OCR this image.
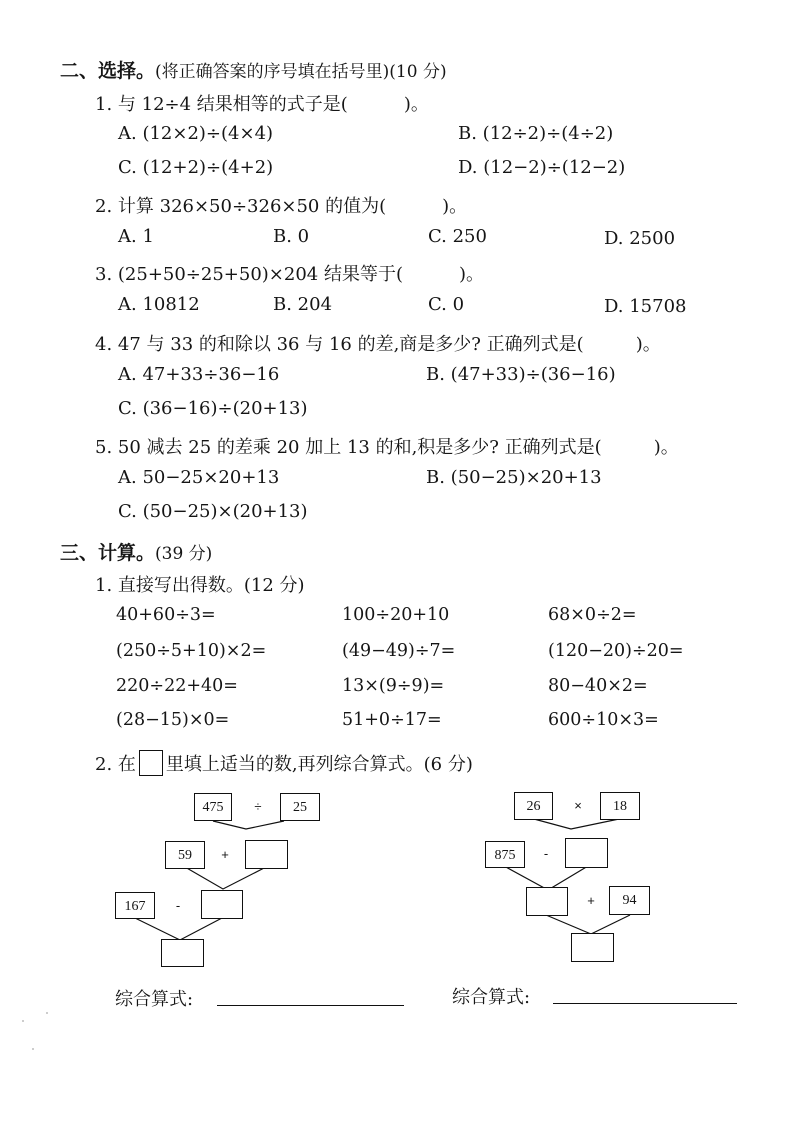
二、选择。(将正确答案的序号填在括号里)(10 分)
1. 与 12÷4 结果相等的式子是(	)。
A. (12×2)÷(4×4)	B. (12÷2)÷(4÷2)
C. (12+2)÷(4+2)	D. (12−2)÷(12−2)
2. 计算 326×50÷326×50 的值为(	)。
A. 1	B. 0	C. 250	D. 2500
3. (25+50÷25+50)×204 结果等于(	)。
A. 10812	B. 204	C. 0	D. 15708
4. 47 与 33 的和除以 36 与 16 的差,商是多少? 正确列式是(	)。
A. 47+33÷36−16	B. (47+33)÷(36−16)
C. (36−16)÷(20+13)
5. 50 减去 25 的差乘 20 加上 13 的和,积是多少? 正确列式是(	)。
A. 50−25×20+13	B. (50−25)×20+13
C. (50−25)×(20+13)
三、计算。(39 分)
1. 直接写出得数。(12 分)
40+60÷3=	100÷20+10	68×0÷2=
(250÷5+10)×2=	(49−49)÷7=	(120−20)÷20=
220÷22+40=	13×(9÷9)=	80−40×2=
(28−15)×0=	51+0÷17=	600÷10×3=
2. 在 里填上适当的数,再列综合算式。(6 分)
475	÷	25
59	+
167	-
26	×	18
875	-
+	94
综合算式:	综合算式:
